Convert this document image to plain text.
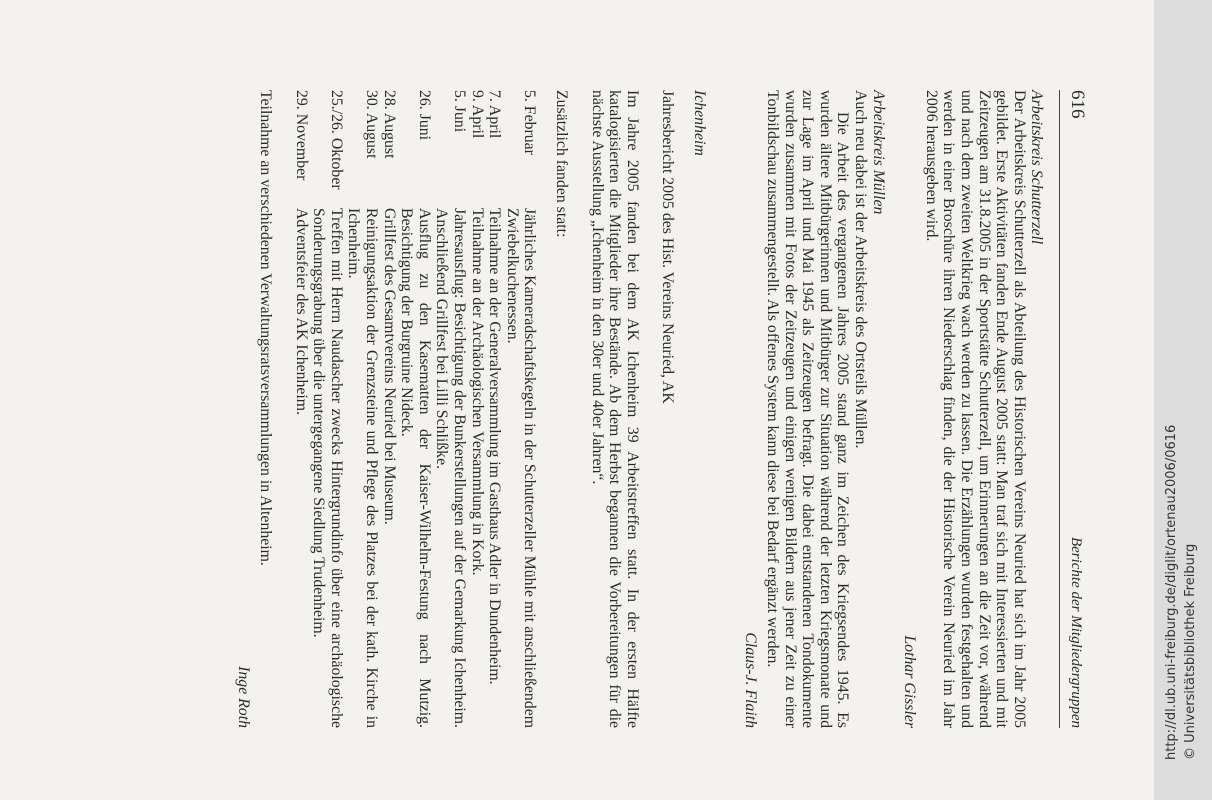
616
Berichte der Mitgliedergruppen

Arbeitskreis Schutterzell

Der Arbeitskreis Schutterzell als Abteilung des Historischen Vereins Neuried hat sich im Jahr 2005 gebildet. Erste Aktivitäten fanden Ende August 2005 statt: Man traf sich mit Interessierten und mit Zeitzeugen am 31.8.2005 in der Sportstätte Schutterzell, um Erinnerungen an die Zeit vor, während und nach dem zweiten Weltkrieg wach werden zu lassen. Die Erzählungen wurden festgehalten und werden in einer Broschüre ihren Niederschlag finden, die der Historische Verein Neuried im Jahr 2006 herausgeben wird.

Lothar Gissler

Arbeitskreis Müllen

Auch neu dabei ist der Arbeitskreis des Ortsteils Müllen.

Die Arbeit des vergangenen Jahres 2005 stand ganz im Zeichen des Kriegsendes 1945. Es wurden ältere Mitbürgerinnen und Mitbürger zur Situation während der letzten Kriegsmonate und zur Lage im April und Mai 1945 als Zeitzeugen befragt. Die dabei entstandenen Tondokumente wurden zusammen mit Fotos der Zeitzeugen und einigen wenigen Bildern aus jener Zeit zu einer Tonbildschau zusammengestellt. Als offenes System kann diese bei Bedarf ergänzt werden.

Claus-J. Flaith

Ichenheim

Jahresbericht 2005 des Hist. Vereins Neuried, AK

Im Jahre 2005 fanden bei dem AK Ichenheim 39 Arbeitstreffen statt. In der ersten Hälfte katalogisierten die Mitglieder ihre Bestände. Ab dem Herbst begannen die Vorbereitungen für die nächste Ausstellung „Ichenheim in den 30er und 40er Jahren“.

Zusätzlich fanden statt:

5. Februar	Jährliches Kameradschaftskegeln in der Schutterzeller Mühle mit anschließendem Zwiebelkuchenessen.
7. April	Teilnahme an der Generalversammlung im Gasthaus Adler in Dundenheim.
9. April	Teilnahme an der Archäologischen Versammlung in Kork.
5. Juni	Jahresausflug: Besichtigung der Bunkerstellungen auf der Gemarkung Ichenheim. Anschließend Grillfest bei Lilli Schlißke.
26. Juni	Ausflug zu den Kasematten der Kaiser-Wilhelm-Festung nach Mutzig. Besichtigung der Burgruine Nideck.
28. August	Grillfest des Gesamtvereins Neuried bei Museum.
30. August	Reinigungsaktion der Grenzsteine und Pflege des Platzes bei der kath. Kirche in Ichenheim.
25./26. Oktober	Treffen mit Herrn Naudascher zwecks Hintergrundinfo über eine archäologische Sonderungsgrabung über die untergegangene Siedlung Trudenheim.
29. November	Adventsfeier des AK Ichenheim.

Teilnahme an verschiedenen Verwaltungsratsversammlungen in Altenheim.

Inge Roth	http://dl.ub.uni-freiburg.de/diglit/ortenau2006/0616 © Universitätsbibliothek Freiburg
